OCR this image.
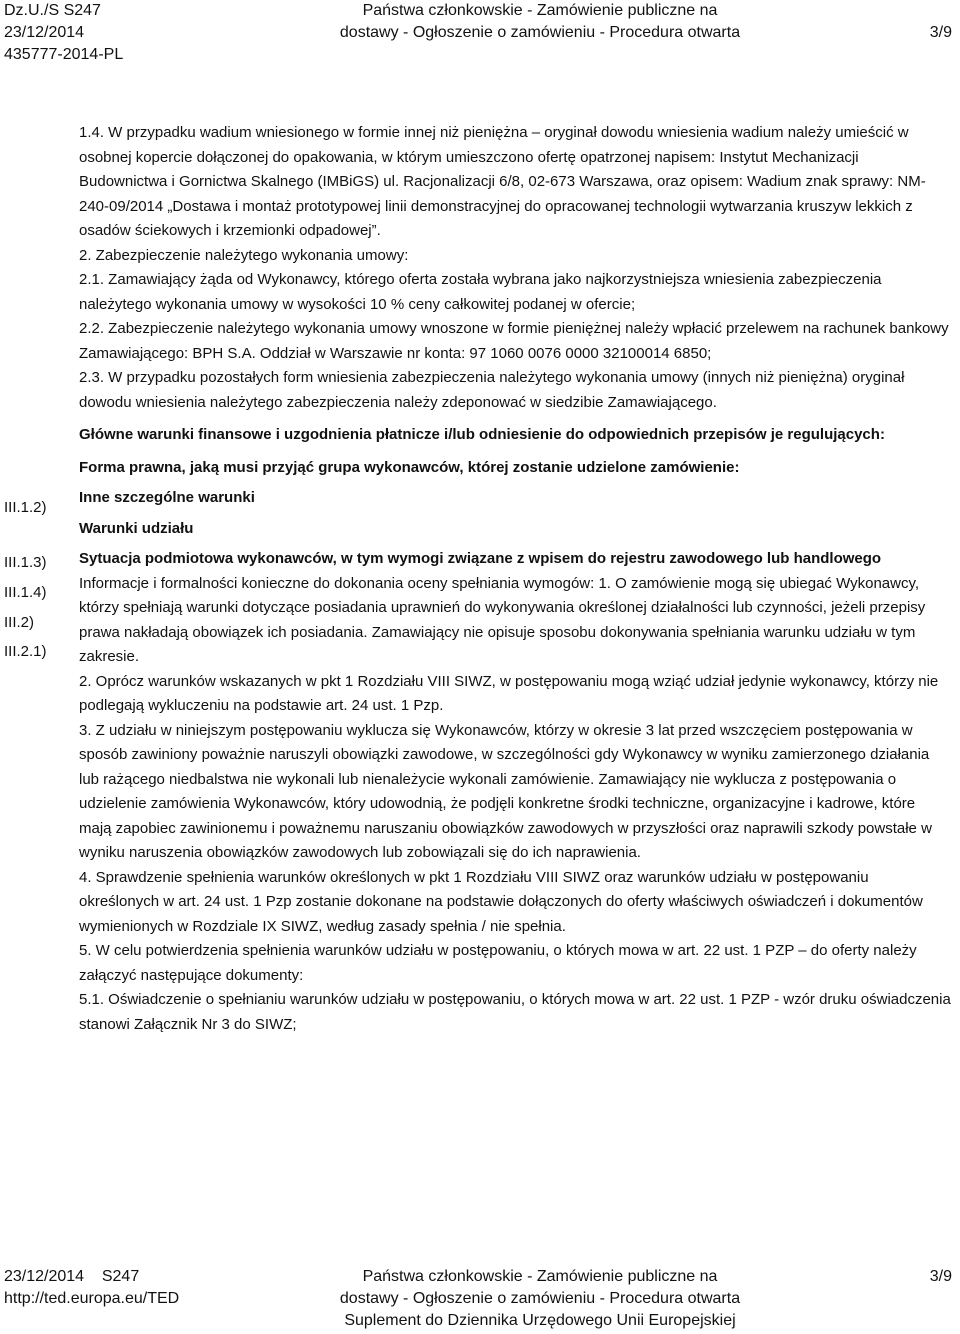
Dz.U./S S247
23/12/2014
435777-2014-PL
Państwa członkowskie - Zamówienie publiczne na
dostawy - Ogłoszenie o zamówieniu - Procedura otwarta	3/9
III.1.2)
III.1.3)
III.1.4)
III.2)
III.2.1)

1.4. W przypadku wadium wniesionego w formie innej niż pieniężna – oryginał dowodu wniesienia wadium należy umieścić w osobnej kopercie dołączonej do opakowania, w którym umieszczono ofertę opatrzonej napisem: Instytut Mechanizacji Budownictwa i Gornictwa Skalnego (IMBiGS) ul. Racjonalizacji 6/8, 02-673 Warszawa, oraz opisem: Wadium znak sprawy: NM-240-09/2014 „Dostawa i montaż prototypowej linii demonstracyjnej do opracowanej technologii wytwarzania kruszyw lekkich z osadów ściekowych i krzemionki odpadowej”.

2. Zabezpieczenie należytego wykonania umowy:

2.1. Zamawiający żąda od Wykonawcy, którego oferta została wybrana jako najkorzystniejsza wniesienia zabezpieczenia należytego wykonania umowy w wysokości 10 % ceny całkowitej podanej w ofercie;

2.2. Zabezpieczenie należytego wykonania umowy wnoszone w formie pieniężnej należy wpłacić przelewem na rachunek bankowy Zamawiającego: BPH S.A. Oddział w Warszawie nr konta: 97 1060 0076 0000 32100014 6850;

2.3. W przypadku pozostałych form wniesienia zabezpieczenia należytego wykonania umowy (innych niż pieniężna) oryginał dowodu wniesienia należytego zabezpieczenia należy zdeponować w siedzibie Zamawiającego.

Główne warunki finansowe i uzgodnienia płatnicze i/lub odniesienie do odpowiednich przepisów je regulujących:

Forma prawna, jaką musi przyjąć grupa wykonawców, której zostanie udzielone zamówienie:

Inne szczególne warunki

Warunki udziału

Sytuacja podmiotowa wykonawców, w tym wymogi związane z wpisem do rejestru zawodowego lub handlowego

Informacje i formalności konieczne do dokonania oceny spełniania wymogów: 1. O zamówienie mogą się ubiegać Wykonawcy, którzy spełniają warunki dotyczące posiadania uprawnień do wykonywania określonej działalności lub czynności, jeżeli przepisy prawa nakładają obowiązek ich posiadania. Zamawiający nie opisuje sposobu dokonywania spełniania warunku udziału w tym zakresie.

2. Oprócz warunków wskazanych w pkt 1 Rozdziału VIII SIWZ, w postępowaniu mogą wziąć udział jedynie wykonawcy, którzy nie podlegają wykluczeniu na podstawie art. 24 ust. 1 Pzp.

3. Z udziału w niniejszym postępowaniu wyklucza się Wykonawców, którzy w okresie 3 lat przed wszczęciem postępowania w sposób zawiniony poważnie naruszyli obowiązki zawodowe, w szczególności gdy Wykonawcy w wyniku zamierzonego działania lub rażącego niedbalstwa nie wykonali lub nienależycie wykonali zamówienie. Zamawiający nie wyklucza z postępowania o udzielenie zamówienia Wykonawców, który udowodnią, że podjęli konkretne środki techniczne, organizacyjne i kadrowe, które mają zapobiec zawinionemu i poważnemu naruszaniu obowiązków zawodowych w przyszłości oraz naprawili szkody powstałe w wyniku naruszenia obowiązków zawodowych lub zobowiązali się do ich naprawienia.

4. Sprawdzenie spełnienia warunków określonych w pkt 1 Rozdziału VIII SIWZ oraz warunków udziału w postępowaniu określonych w art. 24 ust. 1 Pzp zostanie dokonane na podstawie dołączonych do oferty właściwych oświadczeń i dokumentów wymienionych w Rozdziale IX SIWZ, według zasady spełnia / nie spełnia.

5. W celu potwierdzenia spełnienia warunków udziału w postępowaniu, o których mowa w art. 22 ust. 1 PZP – do oferty należy załączyć następujące dokumenty:

5.1. Oświadczenie o spełnianiu warunków udziału w postępowaniu, o których mowa w art. 22 ust. 1 PZP - wzór druku oświadczenia stanowi Załącznik Nr 3 do SIWZ;

23/12/2014    S247
http://ted.europa.eu/TED
Państwa członkowskie - Zamówienie publiczne na
dostawy - Ogłoszenie o zamówieniu - Procedura otwarta
Suplement do Dziennika Urzędowego Unii Europejskiej
3/9
